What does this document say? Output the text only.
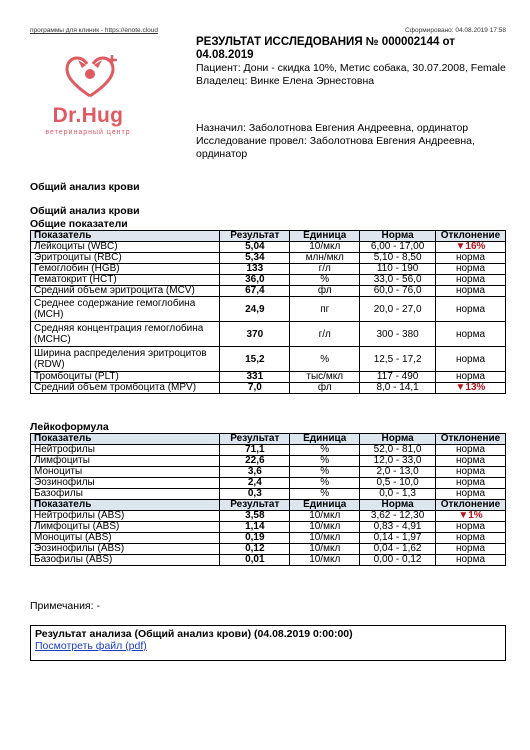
программы для клиник - https://enote.cloud	Сформировано: 04.08.2019 17:58
Dr.Hug
ветеринарный центр
РЕЗУЛЬТАТ ИССЛЕДОВАНИЯ № 000002144 от 04.08.2019
Пациент: Дони - скидка 10%, Метис собака, 30.07.2008, Female
Владелец: Винке Елена Эрнестовна
Назначил: Заболотнова Евгения Андреевна, ординатор
Исследование провел: Заболотнова Евгения Андреевна, ординатор
Общий анализ крови
Общий анализ крови
Общие показатели
Показатель	Результат	Единица	Норма	Отклонение
Лейкоциты (WBC)	5,04	10/мкл	6,00 - 17,00	▼16%
Эритроциты (RBC)	5,34	млн/мкл	5,10 - 8,50	норма
Гемоглобин (HGB)	133	г/л	110 - 190	норма
Гематокрит (HCT)	36,0	%	33,0 - 56,0	норма
Средний объем эритроцита (MCV)	67,4	фл	60,0 - 76,0	норма
Среднее содержание гемоглобина (MCH)	24,9	пг	20,0 - 27,0	норма
Средняя концентрация гемоглобина (MCHC)	370	г/л	300 - 380	норма
Ширина распределения эритроцитов (RDW)	15,2	%	12,5 - 17,2	норма
Тромбоциты (PLT)	331	тыс/мкл	117 - 490	норма
Средний объем тромбоцита (MPV)	7,0	фл	8,0 - 14,1	▼13%
Лейкоформула
Показатель	Результат	Единица	Норма	Отклонение
Нейтрофилы	71,1	%	52,0 - 81,0	норма
Лимфоциты	22,6	%	12,0 - 33,0	норма
Моноциты	3,6	%	2,0 - 13,0	норма
Эозинофилы	2,4	%	0,5 - 10,0	норма
Базофилы	0,3	%	0,0 - 1,3	норма
Показатель	Результат	Единица	Норма	Отклонение
Нейтрофилы (ABS)	3,58	10/мкл	3,62 - 12,30	▼1%
Лимфоциты (ABS)	1,14	10/мкл	0,83 - 4,91	норма
Моноциты (ABS)	0,19	10/мкл	0,14 - 1,97	норма
Эозинофилы (ABS)	0,12	10/мкл	0,04 - 1,62	норма
Базофилы (ABS)	0,01	10/мкл	0,00 - 0,12	норма
Примечания: -
Результат анализа (Общий анализ крови) (04.08.2019 0:00:00)
Посмотреть файл (pdf)
